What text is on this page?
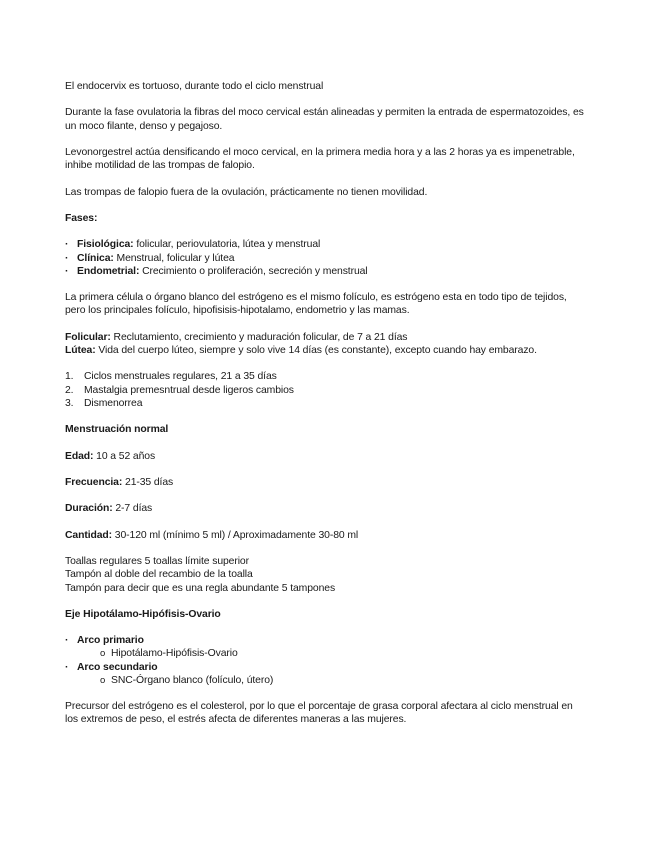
El endocervix es tortuoso, durante todo el ciclo menstrual

Durante la fase ovulatoria la fibras del moco cervical están alineadas y permiten la entrada de espermatozoides, es un moco filante, denso y pegajoso.

Levonorgestrel actúa densificando el moco cervical, en la primera media hora y a las 2 horas ya es impenetrable, inhibe motilidad de las trompas de falopio.

Las trompas de falopio fuera de la ovulación, prácticamente no tienen movilidad.

Fases:

· Fisiológica: folicular, periovulatoria, lútea y menstrual
· Clínica: Menstrual, folicular y lútea
· Endometrial: Crecimiento o proliferación, secreción y menstrual

La primera célula o órgano blanco del estrógeno es el mismo folículo, es estrógeno esta en todo tipo de tejidos, pero los principales folículo, hipofisisis-hipotalamo, endometrio y las mamas.

Folicular: Reclutamiento, crecimiento y maduración folicular, de 7 a 21 días

Lútea: Vida del cuerpo lúteo, siempre y solo vive 14 días (es constante), excepto cuando hay embarazo.

1. Ciclos menstruales regulares, 21 a 35 días
2. Mastalgia premesntrual desde ligeros cambios
3. Dismenorrea

Menstruación normal

Edad: 10 a 52 años

Frecuencia: 21-35 días

Duración: 2-7 días

Cantidad: 30-120 ml (mínimo 5 ml) / Aproximadamente 30-80 ml

Toallas regulares 5 toallas límite superior

Tampón al doble del recambio de la toalla

Tampón para decir que es una regla abundante 5 tampones

Eje Hipotálamo-Hipófisis-Ovario

· Arco primario
o Hipotálamo-Hipófisis-Ovario
· Arco secundario
o SNC-Órgano blanco (folículo, útero)

Precursor del estrógeno es el colesterol, por lo que el porcentaje de grasa corporal afectara al ciclo menstrual en los extremos de peso, el estrés afecta de diferentes maneras a las mujeres.
